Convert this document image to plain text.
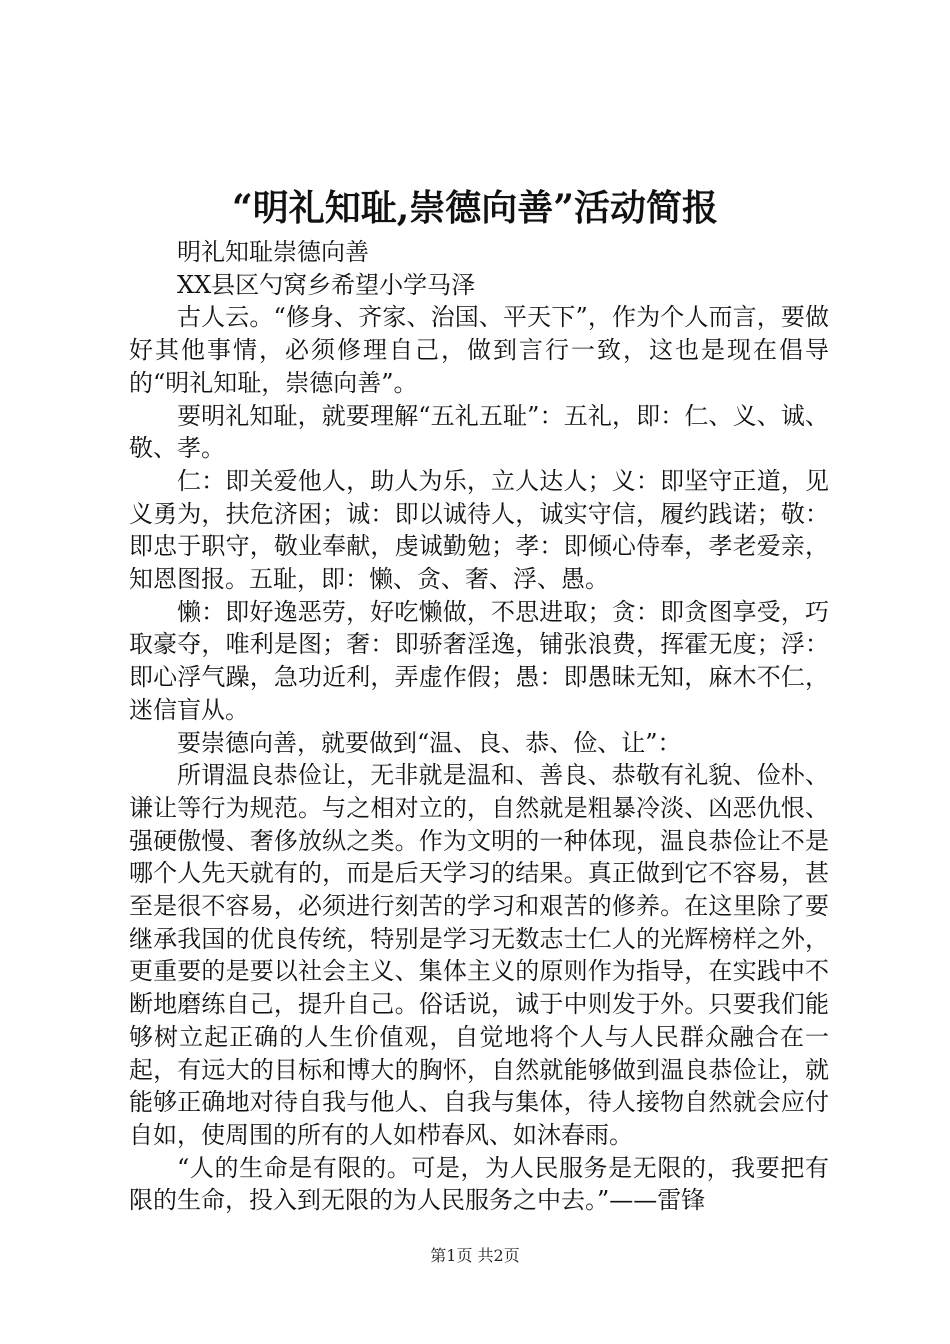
“明礼知耻,崇德向善”活动简报

明礼知耻崇德向善

XX县区勺窝乡希望小学马泽

古人云。“修身、齐家、治国、平天下”，作为个人而言，要做好其他事情，必须修理自己，做到言行一致，这也是现在倡导的“明礼知耻，崇德向善”。

要明礼知耻，就要理解“五礼五耻”：五礼，即：仁、义、诚、敬、孝。

仁：即关爱他人，助人为乐，立人达人；义：即坚守正道，见义勇为，扶危济困；诚：即以诚待人，诚实守信，履约践诺；敬：即忠于职守，敬业奉献，虔诚勤勉；孝：即倾心侍奉，孝老爱亲，知恩图报。五耻，即：懒、贪、奢、浮、愚。

懒：即好逸恶劳，好吃懒做，不思进取；贪：即贪图享受，巧取豪夺，唯利是图；奢：即骄奢淫逸，铺张浪费，挥霍无度；浮：即心浮气躁，急功近利，弄虚作假；愚：即愚昧无知，麻木不仁，迷信盲从。

要崇德向善，就要做到“温、良、恭、俭、让”：

所谓温良恭俭让，无非就是温和、善良、恭敬有礼貌、俭朴、谦让等行为规范。与之相对立的，自然就是粗暴冷淡、凶恶仇恨、强硬傲慢、奢侈放纵之类。作为文明的一种体现，温良恭俭让不是哪个人先天就有的，而是后天学习的结果。真正做到它不容易，甚至是很不容易，必须进行刻苦的学习和艰苦的修养。在这里除了要继承我国的优良传统，特别是学习无数志士仁人的光辉榜样之外，更重要的是要以社会主义、集体主义的原则作为指导，在实践中不断地磨练自己，提升自己。俗话说，诚于中则发于外。只要我们能够树立起正确的人生价值观，自觉地将个人与人民群众融合在一起，有远大的目标和博大的胸怀，自然就能够做到温良恭俭让，就能够正确地对待自我与他人、自我与集体，待人接物自然就会应付自如，使周围的所有的人如栉春风、如沐春雨。

“人的生命是有限的。可是，为人民服务是无限的，我要把有限的生命，投入到无限的为人民服务之中去。”——雷锋

第1页 共2页
